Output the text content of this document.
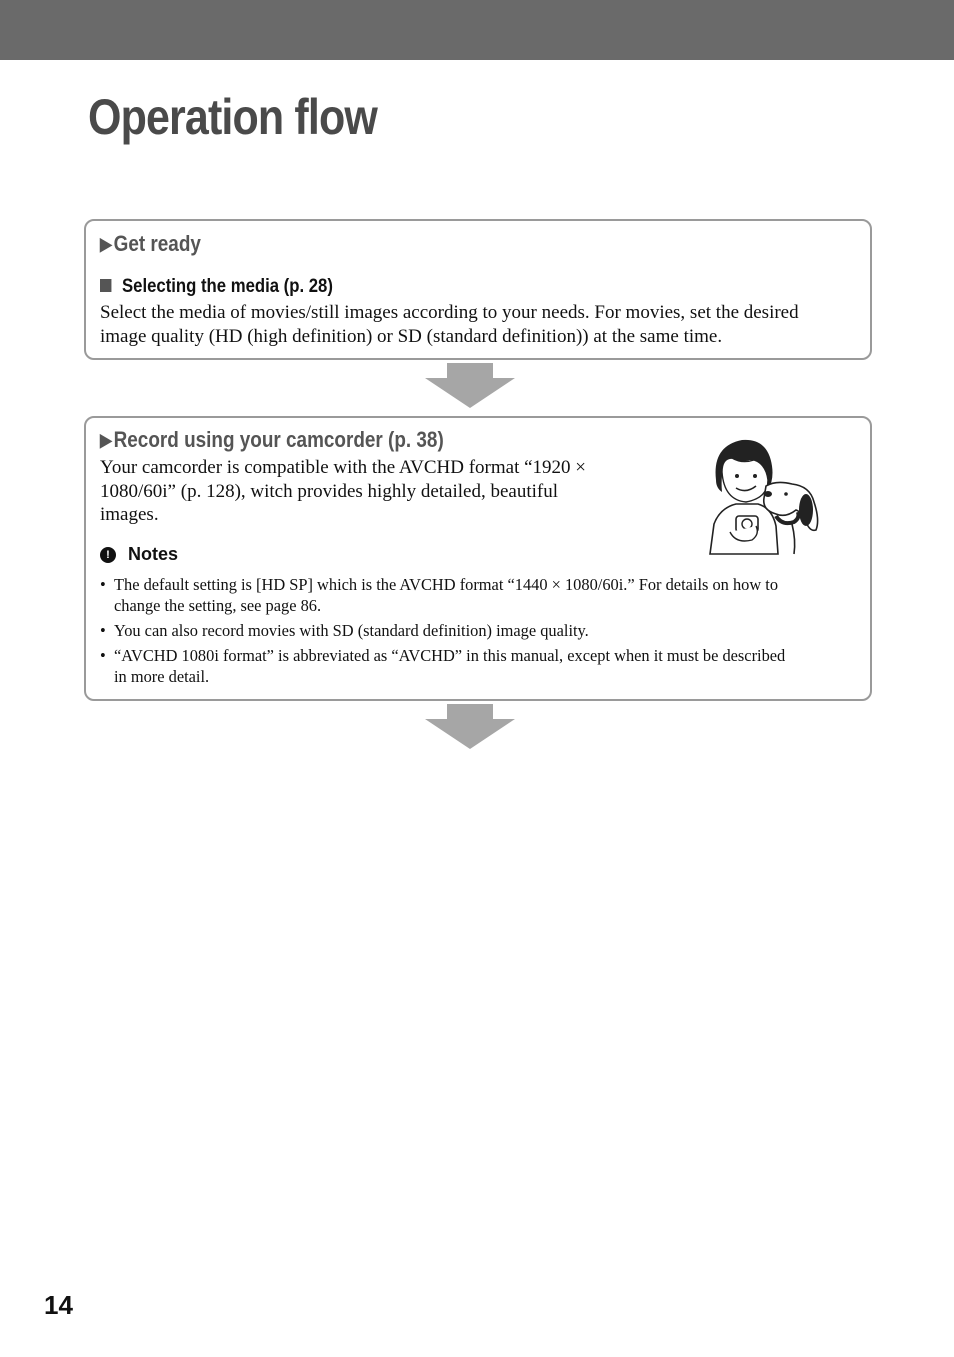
Operation flow
▶Get ready
Selecting the media (p. 28)

Select the media of movies/still images according to your needs. For movies, set the desired
image quality (HD (high definition) or SD (standard definition)) at the same time.

▶Record using your camcorder (p. 38)

Your camcorder is compatible with the AVCHD format “1920 ×
1080/60i” (p. 128), witch provides highly detailed, beautiful
images.

!	Notes
• The default setting is [HD SP] which is the AVCHD format “1440 × 1080/60i.” For details on how to
change the setting, see page 86.
• You can also record movies with SD (standard definition) image quality.
• “AVCHD 1080i format” is abbreviated as “AVCHD” in this manual, except when it must be described
in more detail.
14
